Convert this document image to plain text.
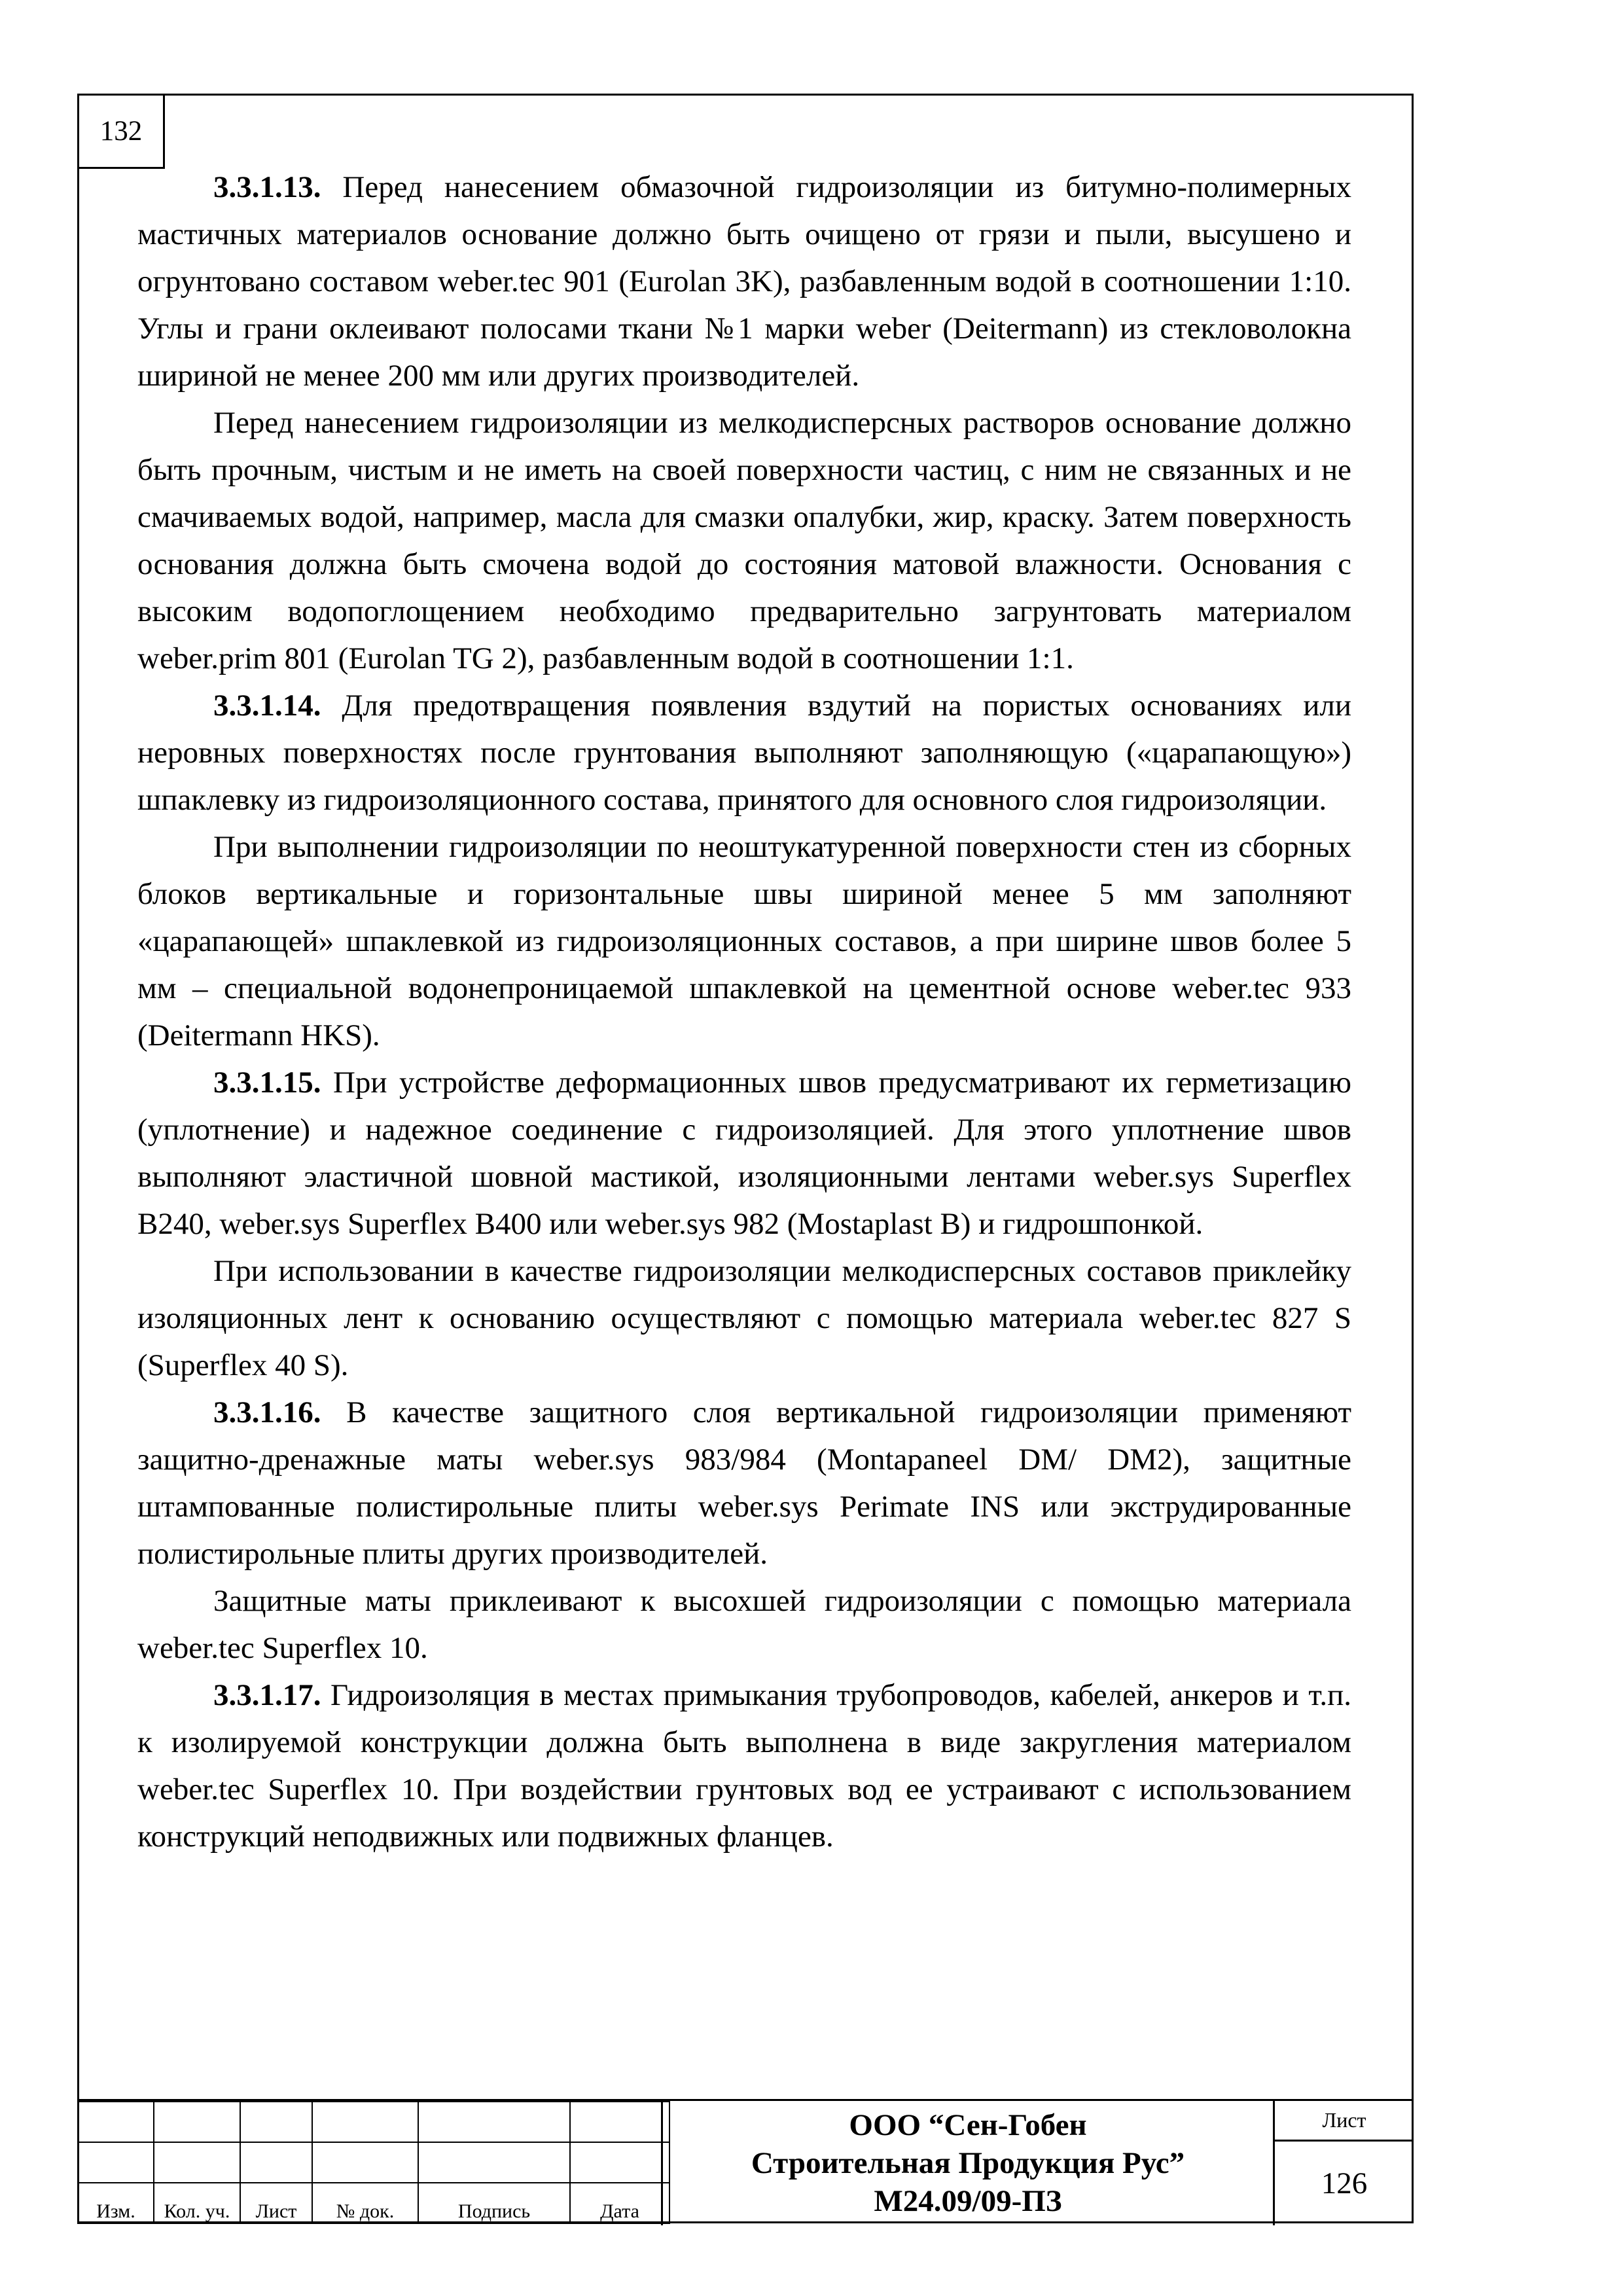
132

3.3.1.13. Перед нанесением обмазочной гидроизоляции из битумно-полимерных мастичных материалов основание должно быть очищено от грязи и пыли, высушено и огрунтовано составом weber.tec 901 (Eurolan 3K), разбавленным водой в соотношении 1:10. Углы и грани оклеивают полосами ткани №1 марки weber (Deitermann) из стекловолокна шириной не менее 200 мм или других производителей.

Перед нанесением гидроизоляции из мелкодисперсных растворов основание должно быть прочным, чистым и не иметь на своей поверхности частиц, с ним не связанных и не смачиваемых водой, например, масла для смазки опалубки, жир, краску. Затем поверхность основания должна быть смочена водой до состояния матовой влажности. Основания с высоким водопоглощением необходимо предварительно загрунтовать материалом weber.prim 801 (Eurolan TG 2), разбавленным водой в соотношении 1:1.

3.3.1.14. Для предотвращения появления вздутий на пористых основаниях или неровных поверхностях после грунтования выполняют заполняющую («царапающую») шпаклевку из гидроизоляционного состава, принятого для основного слоя гидроизоляции.

При выполнении гидроизоляции по неоштукатуренной поверхности стен из сборных блоков вертикальные и горизонтальные швы шириной менее 5 мм заполняют «царапающей» шпаклевкой из гидроизоляционных составов, а при ширине швов более 5 мм – специальной водонепроницаемой шпаклевкой на цементной основе weber.tec 933 (Deitermann HKS).

3.3.1.15. При устройстве деформационных швов предусматривают их герметизацию (уплотнение) и надежное соединение с гидроизоляцией. Для этого уплотнение швов выполняют эластичной шовной мастикой, изоляционными лентами weber.sys Superflex B240, weber.sys Superflex B400 или weber.sys 982 (Mostaplast B) и гидрошпонкой.

При использовании в качестве гидроизоляции мелкодисперсных составов приклейку изоляционных лент к основанию осуществляют с помощью материала weber.tec 827 S (Superflex 40 S).

3.3.1.16. В качестве защитного слоя вертикальной гидроизоляции применяют защитно-дренажные маты weber.sys 983/984 (Montapaneel DM/ DM2), защитные штампованные полистирольные плиты weber.sys Perimate INS или экструдированные полистирольные плиты других производителей.

Защитные маты приклеивают к высохшей гидроизоляции с помощью материала weber.tec Superflex 10.

3.3.1.17. Гидроизоляция в местах примыкания трубопроводов, кабелей, анкеров и т.п. к изолируемой конструкции должна быть выполнена в виде закругления материалом weber.tec Superflex 10. При воздействии грунтовых вод ее устраивают с использованием конструкций неподвижных или подвижных фланцев.

Изм.	Кол. уч.	Лист	№ док.	Подпись	Дата
ООО “Сен-Гобен
Строительная Продукция Рус”
М24.09/09-ПЗ
Лист
126
